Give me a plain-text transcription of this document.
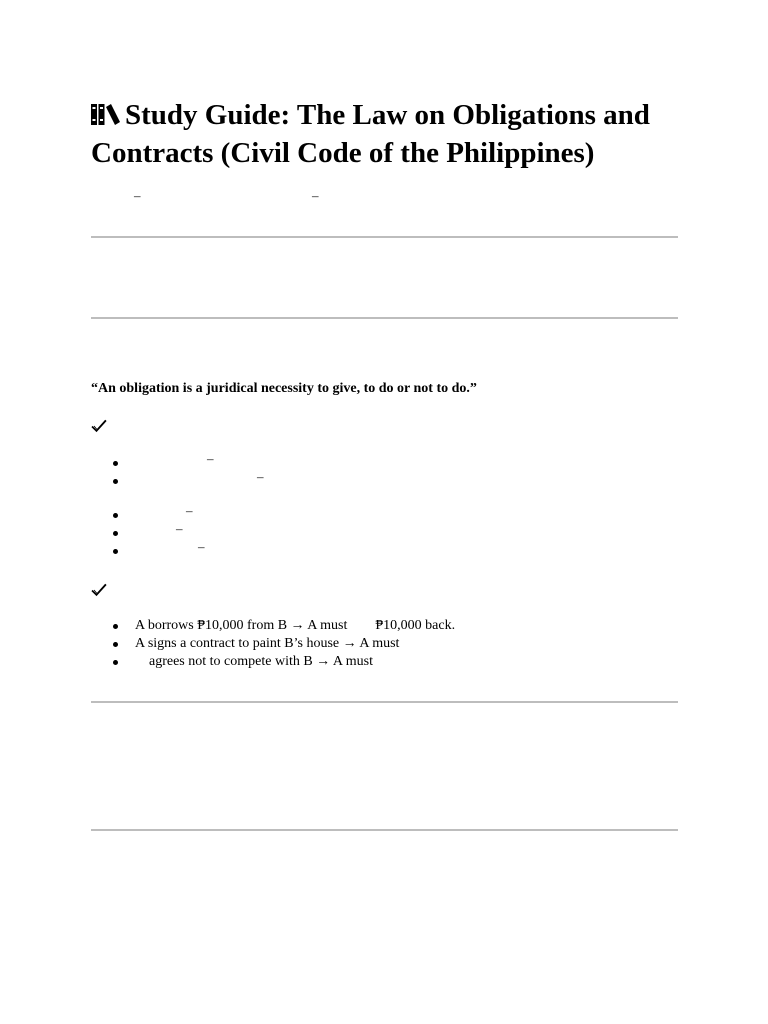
Study Guide: The Law on Obligations and Contracts (Civil Code of the Philippines)
–	–

“An obligation is a juridical necessity to give, to do or not to do.”

–
–
–
–
–
A borrows ₱10,000 from B → A must        ₱10,000 back.
A signs a contract to paint B’s house → A must
agrees not to compete with B → A must
